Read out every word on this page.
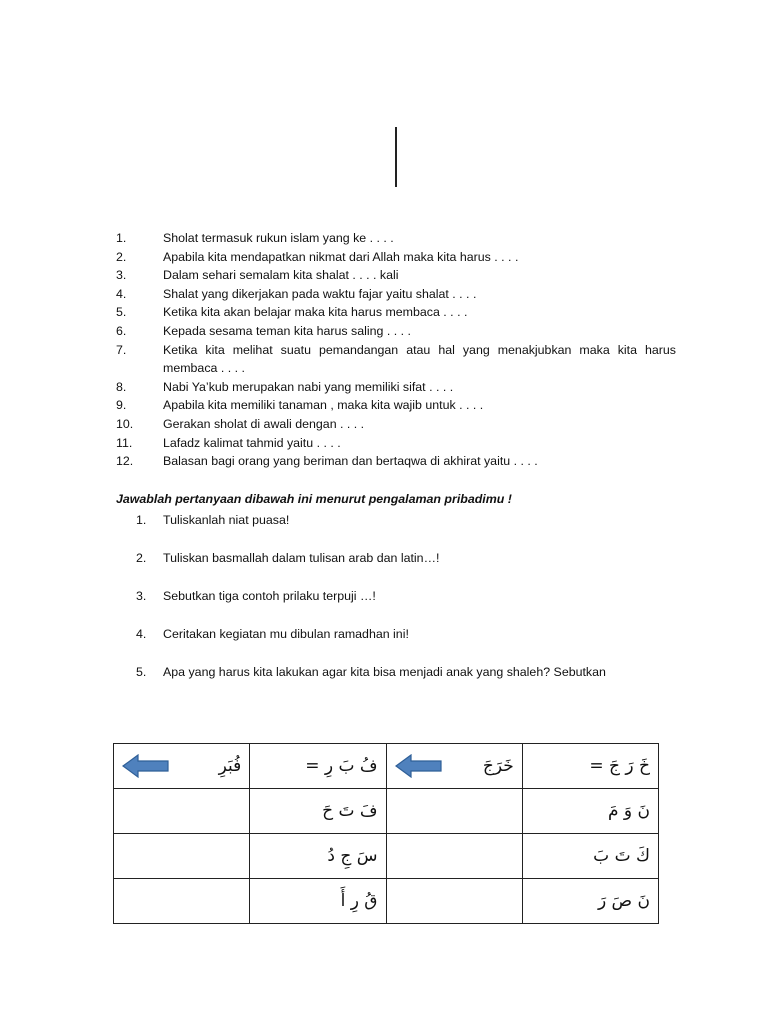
1.	Sholat termasuk rukun islam yang ke . . . .
2.	Apabila kita mendapatkan nikmat dari Allah maka kita harus . . . .
3.	Dalam sehari semalam kita shalat . . . . kali
4.	Shalat yang dikerjakan pada waktu fajar yaitu shalat . . . .
5.	Ketika kita akan belajar maka kita harus membaca . . . .
6.	Kepada sesama teman kita harus saling . . . .
7.	Ketika kita melihat suatu pemandangan atau hal yang menakjubkan maka kita harus membaca . . . .
8.	Nabi Ya’kub merupakan nabi yang memiliki sifat . . . .
9.	Apabila kita memiliki tanaman , maka kita wajib untuk . . . .
10.	Gerakan sholat di awali dengan . . . .
11.	Lafadz kalimat tahmid yaitu . . . .
12.	Balasan bagi orang yang beriman dan bertaqwa di akhirat yaitu . . . .
Jawablah pertanyaan dibawah ini menurut pengalaman pribadimu !
1.	Tuliskanlah niat puasa!
2.	Tuliskan basmallah dalam tulisan arab dan latin…!
3.	Sebutkan tiga contoh prilaku terpuji …!
4.	Ceritakan kegiatan mu dibulan ramadhan ini!
5.	Apa yang harus kita lakukan agar kita bisa menjadi anak yang shaleh? Sebutkan
فُبَرِ	فُ بَ رِ =	خَرَجَ	خَ رَ جَ =
	فَ تَ حَ		نَ وَ مَ
	سَ جِ دُ		كَ تَ بَ
	قُ رِ أَ		نَ صَ رَ
